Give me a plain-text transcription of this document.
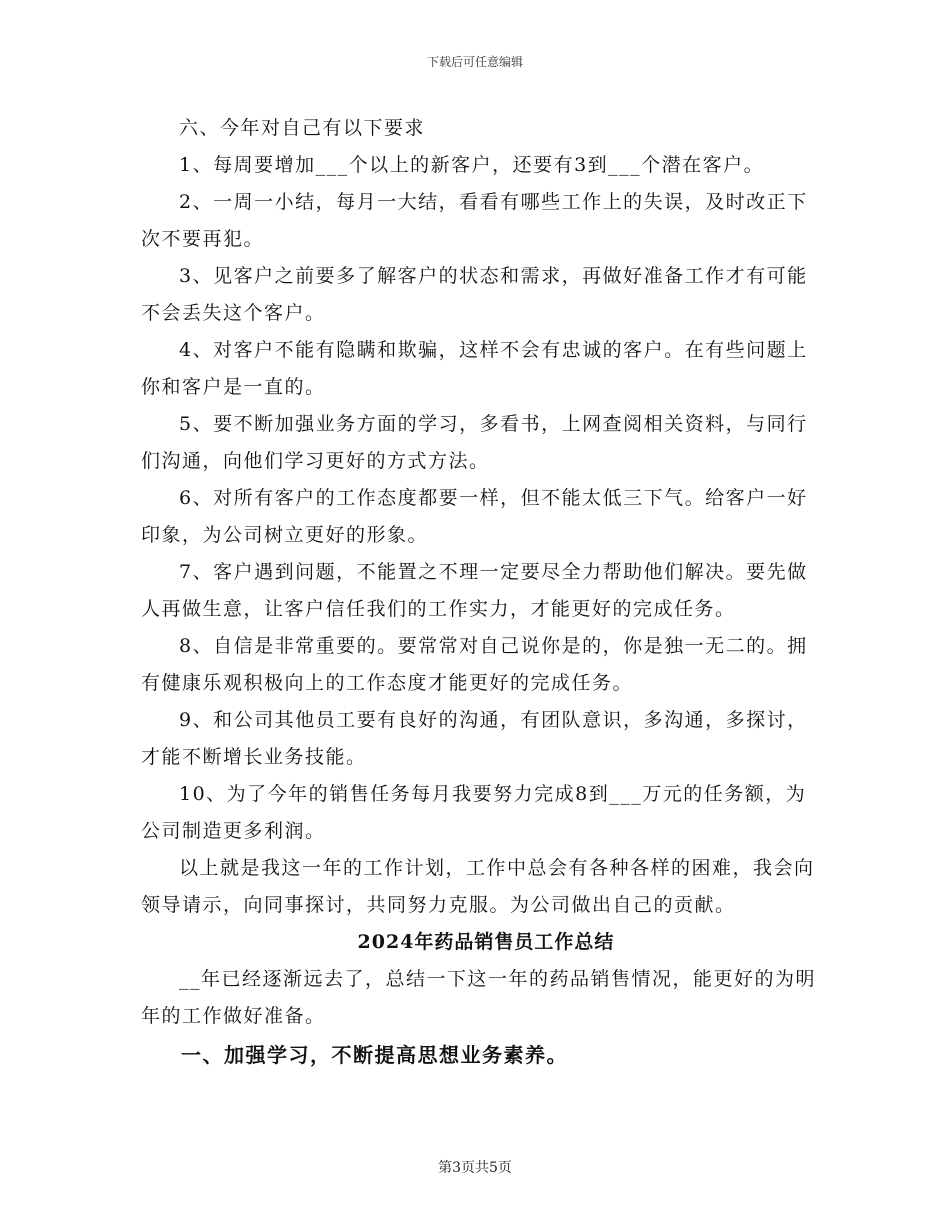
下载后可任意编辑

六、今年对自己有以下要求

1、每周要增加___个以上的新客户，还要有3到___个潜在客户。

2、一周一小结，每月一大结，看看有哪些工作上的失误，及时改正下次不要再犯。

3、见客户之前要多了解客户的状态和需求，再做好准备工作才有可能不会丢失这个客户。

4、对客户不能有隐瞒和欺骗，这样不会有忠诚的客户。在有些问题上你和客户是一直的。

5、要不断加强业务方面的学习，多看书，上网查阅相关资料，与同行们沟通，向他们学习更好的方式方法。

6、对所有客户的工作态度都要一样，但不能太低三下气。给客户一好印象，为公司树立更好的形象。

7、客户遇到问题，不能置之不理一定要尽全力帮助他们解决。要先做人再做生意，让客户信任我们的工作实力，才能更好的完成任务。

8、自信是非常重要的。要常常对自己说你是的，你是独一无二的。拥有健康乐观积极向上的工作态度才能更好的完成任务。

9、和公司其他员工要有良好的沟通，有团队意识，多沟通，多探讨，才能不断增长业务技能。

10、为了今年的销售任务每月我要努力完成8到___万元的任务额，为公司制造更多利润。

以上就是我这一年的工作计划，工作中总会有各种各样的困难，我会向领导请示，向同事探讨，共同努力克服。为公司做出自己的贡献。

2024年药品销售员工作总结

__年已经逐渐远去了，总结一下这一年的药品销售情况，能更好的为明年的工作做好准备。

一、加强学习，不断提高思想业务素养。

第3页共5页
